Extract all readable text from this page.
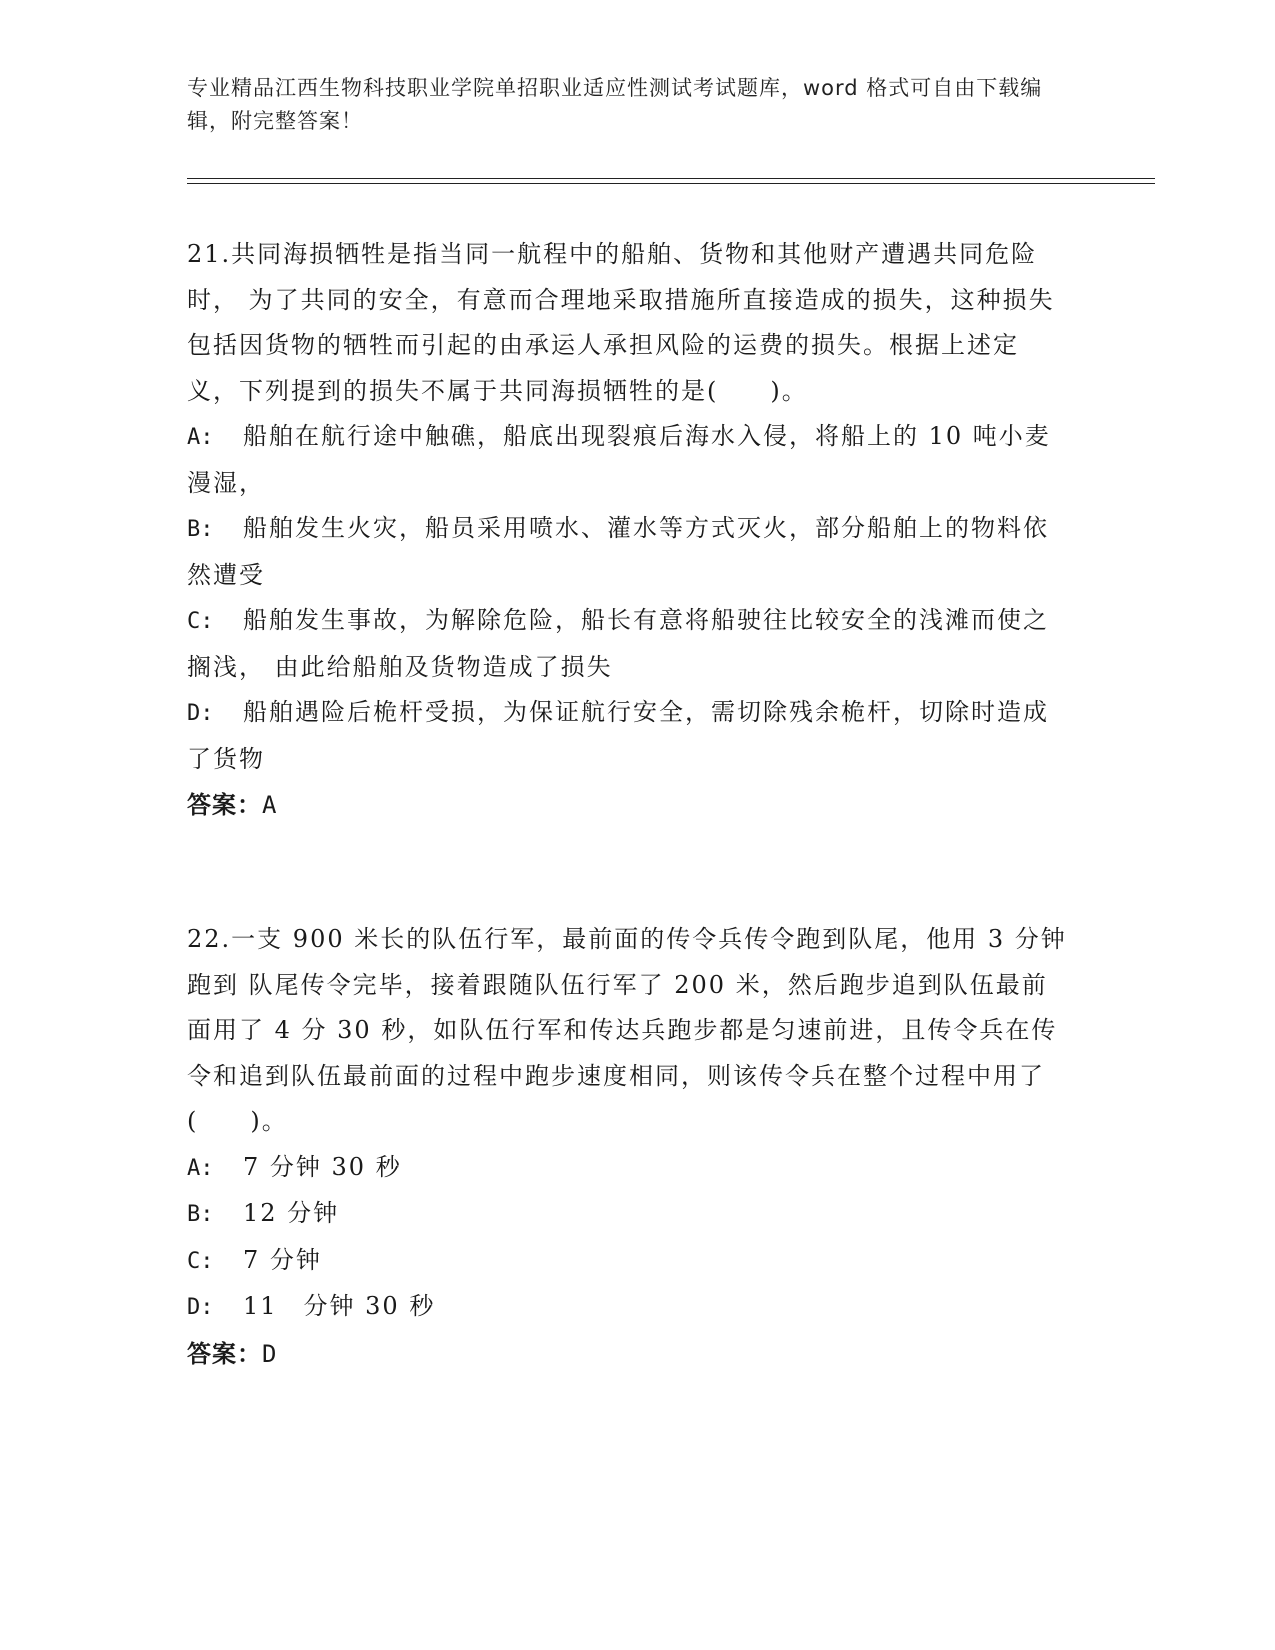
专业精品江西生物科技职业学院单招职业适应性测试考试题库，word 格式可自由下载编辑，附完整答案！

21.共同海损牺牲是指当同一航程中的船舶、货物和其他财产遭遇共同危险时， 为了共同的安全，有意而合理地采取措施所直接造成的损失，这种损失包括因货物的牺牲而引起的由承运人承担风险的运费的损失。根据上述定义，下列提到的损失不属于共同海损牺牲的是(　　)。

A: 船舶在航行途中触礁，船底出现裂痕后海水入侵，将船上的 10 吨小麦漫湿，

B: 船舶发生火灾，船员采用喷水、灌水等方式灭火，部分船舶上的物料依然遭受

C: 船舶发生事故，为解除危险，船长有意将船驶往比较安全的浅滩而使之搁浅， 由此给船舶及货物造成了损失

D: 船舶遇险后桅杆受损，为保证航行安全，需切除残余桅杆，切除时造成了货物

答案：A

22.一支 900 米长的队伍行军，最前面的传令兵传令跑到队尾，他用 3 分钟跑到 队尾传令完毕，接着跟随队伍行军了 200 米，然后跑步追到队伍最前面用了 4 分 30 秒，如队伍行军和传达兵跑步都是匀速前进，且传令兵在传令和追到队伍最前面的过程中跑步速度相同，则该传令兵在整个过程中用了(　　)。

A: 7 分钟 30 秒

B: 12 分钟

C: 7 分钟

D: 11　分钟 30 秒

答案：D
